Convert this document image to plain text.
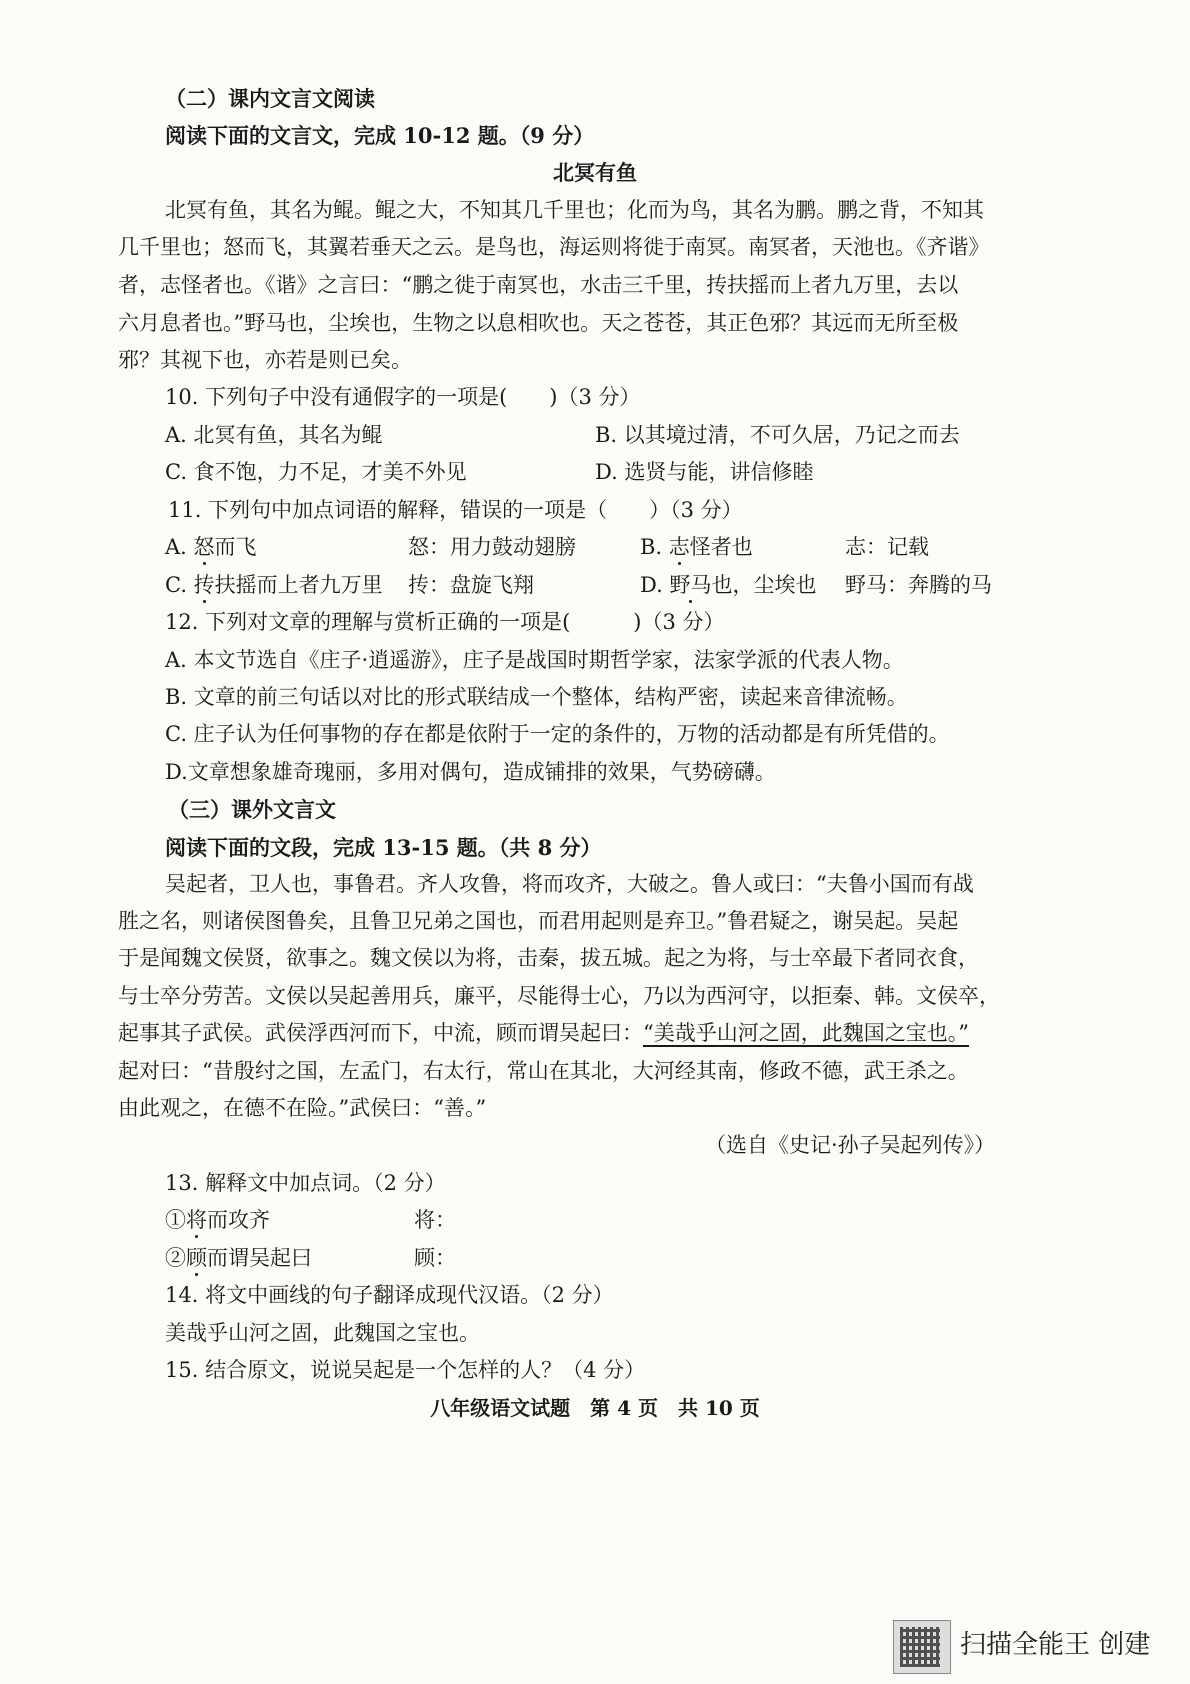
（二）课内文言文阅读
阅读下面的文言文，完成 10-12 题。（9 分）
北冥有鱼
北冥有鱼，其名为鲲。鲲之大，不知其几千里也；化而为鸟，其名为鹏。鹏之背，不知其
几千里也；怒而飞，其翼若垂天之云。是鸟也，海运则将徙于南冥。南冥者，天池也。《齐谐》
者，志怪者也。《谐》之言曰：“鹏之徙于南冥也，水击三千里，抟扶摇而上者九万里，去以
六月息者也。”野马也，尘埃也，生物之以息相吹也。天之苍苍，其正色邪？其远而无所至极
邪？其视下也，亦若是则已矣。
10. 下列句子中没有通假字的一项是(　　)（3 分）
A. 北冥有鱼，其名为鲲	B. 以其境过清，不可久居，乃记之而去
C. 食不饱，力不足，才美不外见	D. 选贤与能，讲信修睦
11. 下列句中加点词语的解释，错误的一项是（　　）（3 分）
A. 怒而飞	怒：用力鼓动翅膀	B. 志怪者也	志：记载
C. 抟扶摇而上者九万里 抟：盘旋飞翔	D. 野马也，尘埃也 野马：奔腾的马
12. 下列对文章的理解与赏析正确的一项是(　　　)（3 分）
A. 本文节选自《庄子·逍遥游》，庄子是战国时期哲学家，法家学派的代表人物。
B. 文章的前三句话以对比的形式联结成一个整体，结构严密，读起来音律流畅。
C. 庄子认为任何事物的存在都是依附于一定的条件的，万物的活动都是有所凭借的。
D.文章想象雄奇瑰丽，多用对偶句，造成铺排的效果，气势磅礴。
（三）课外文言文
阅读下面的文段，完成 13-15 题。（共 8 分）
吴起者，卫人也，事鲁君。齐人攻鲁，将而攻齐，大破之。鲁人或曰：“夫鲁小国而有战
胜之名，则诸侯图鲁矣，且鲁卫兄弟之国也，而君用起则是弃卫。”鲁君疑之，谢吴起。吴起
于是闻魏文侯贤，欲事之。魏文侯以为将，击秦，拔五城。起之为将，与士卒最下者同衣食，
与士卒分劳苦。文侯以吴起善用兵，廉平，尽能得士心，乃以为西河守，以拒秦、韩。文侯卒，
起事其子武侯。武侯浮西河而下，中流，顾而谓吴起曰：“美哉乎山河之固，此魏国之宝也。”
起对曰：“昔殷纣之国，左孟门，右太行，常山在其北，大河经其南，修政不德，武王杀之。
由此观之，在德不在险。”武侯曰：“善。”
（选自《史记·孙子吴起列传》）
13. 解释文中加点词。（2 分）
①将而攻齐	将：
②顾而谓吴起曰	顾：
14. 将文中画线的句子翻译成现代汉语。（2 分）
美哉乎山河之固，此魏国之宝也。
15. 结合原文，说说吴起是一个怎样的人？（4 分）
八年级语文试题　第 4 页　共 10 页
扫描全能王 创建
